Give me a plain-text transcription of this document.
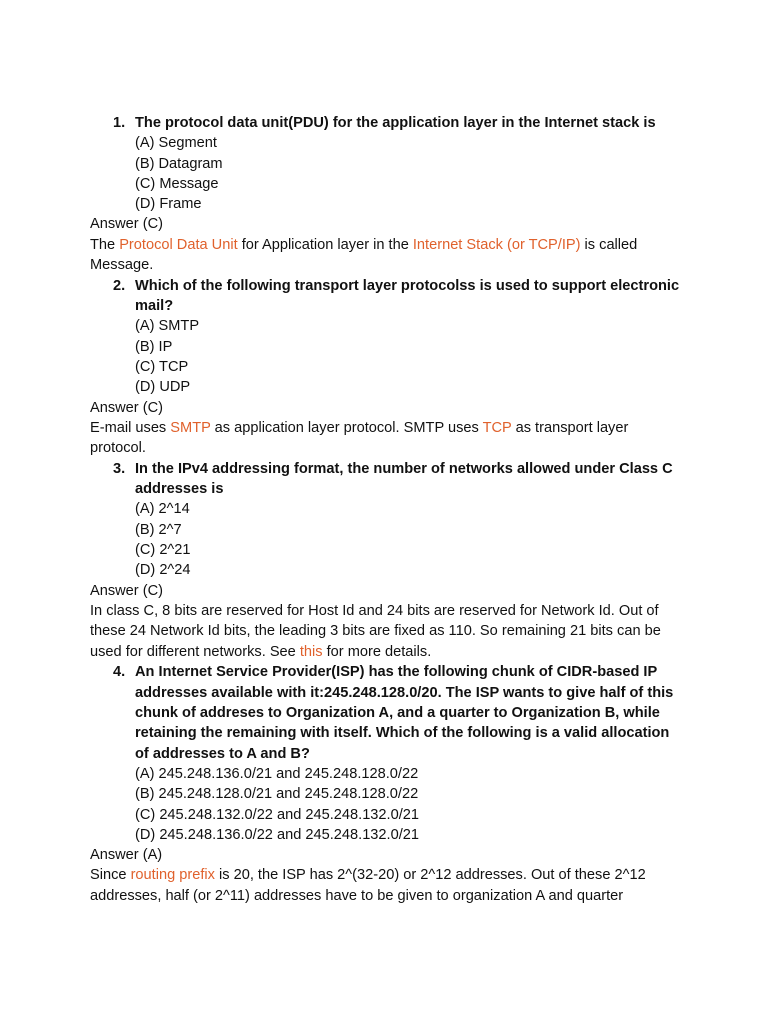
1. The protocol data unit(PDU) for the application layer in the Internet stack is
(A) Segment
(B) Datagram
(C) Message
(D) Frame
Answer (C)
The Protocol Data Unit for Application layer in the Internet Stack (or TCP/IP) is called Message.
2. Which of the following transport layer protocolss is used to support electronic mail?
(A) SMTP
(B) IP
(C) TCP
(D) UDP
Answer (C)
E-mail uses SMTP as application layer protocol. SMTP uses TCP as transport layer protocol.
3. In the IPv4 addressing format, the number of networks allowed under Class C addresses is
(A) 2^14
(B) 2^7
(C) 2^21
(D) 2^24
Answer (C)
In class C, 8 bits are reserved for Host Id and 24 bits are reserved for Network Id. Out of these 24 Network Id bits, the leading 3 bits are fixed as 110. So remaining 21 bits can be used for different networks. See this for more details.
4. An Internet Service Provider(ISP) has the following chunk of CIDR-based IP addresses available with it:245.248.128.0/20. The ISP wants to give half of this chunk of addreses to Organization A, and a quarter to Organization B, while retaining the remaining with itself. Which of the following is a valid allocation of addresses to A and B?
(A) 245.248.136.0/21 and 245.248.128.0/22
(B) 245.248.128.0/21 and 245.248.128.0/22
(C) 245.248.132.0/22 and 245.248.132.0/21
(D) 245.248.136.0/22 and 245.248.132.0/21
Answer (A)
Since routing prefix is 20, the ISP has 2^(32-20) or 2^12 addresses. Out of these 2^12 addresses, half (or 2^11) addresses have to be given to organization A and quarter
